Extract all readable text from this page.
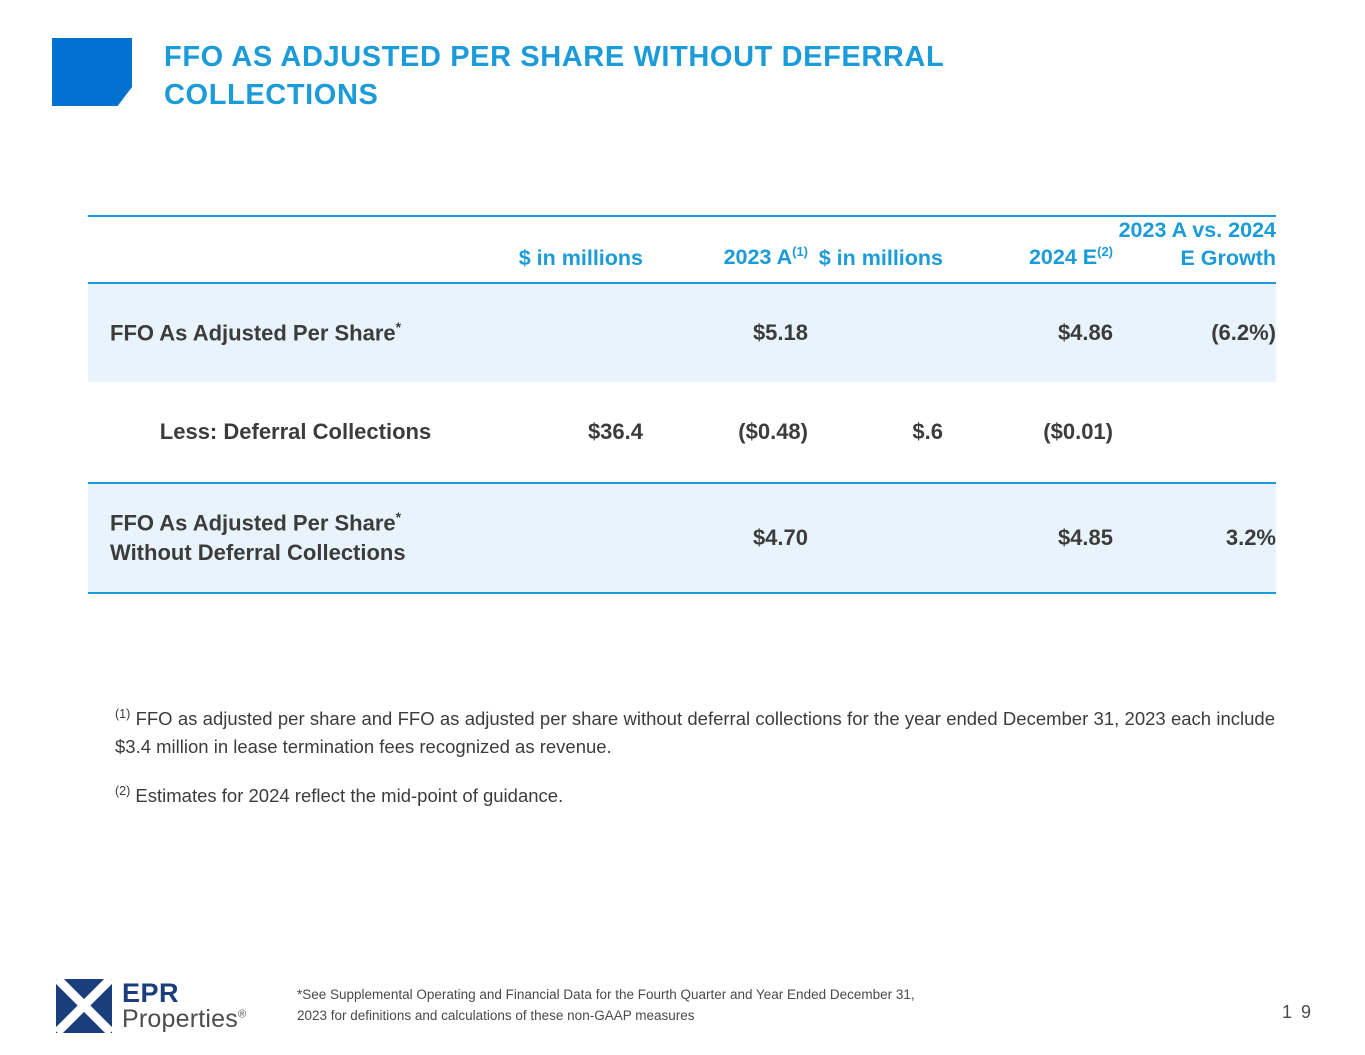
FFO AS ADJUSTED PER SHARE WITHOUT DEFERRAL COLLECTIONS

	$ in millions	2023 $A^{(1)}$	$ in millions	2024 $E^{(2)}$	2023 A vs. 2024 E Growth
FFO As Adjusted Per Share*		$5.18		$4.86	(6.2%)
Less: Deferral Collections	$36.4	($0.48)	$.6	($0.01)	

FFO As Adjusted Per Share*
Without Deferral Collections		$4.70		$4.85	3.2%
$^{(1)}$ FFO as adjusted per share and FFO as adjusted per share without deferral collections for the year ended December 31, 2023 each include $3.4 million in lease termination fees recognized as revenue.
$^{(2)}$ Estimates for 2024 reflect the mid-point of guidance.
EPR
Properties®
*See Supplemental Operating and Financial Data for the Fourth Quarter and Year Ended December 31,
2023 for definitions and calculations of these non-GAAP measures	1 9
